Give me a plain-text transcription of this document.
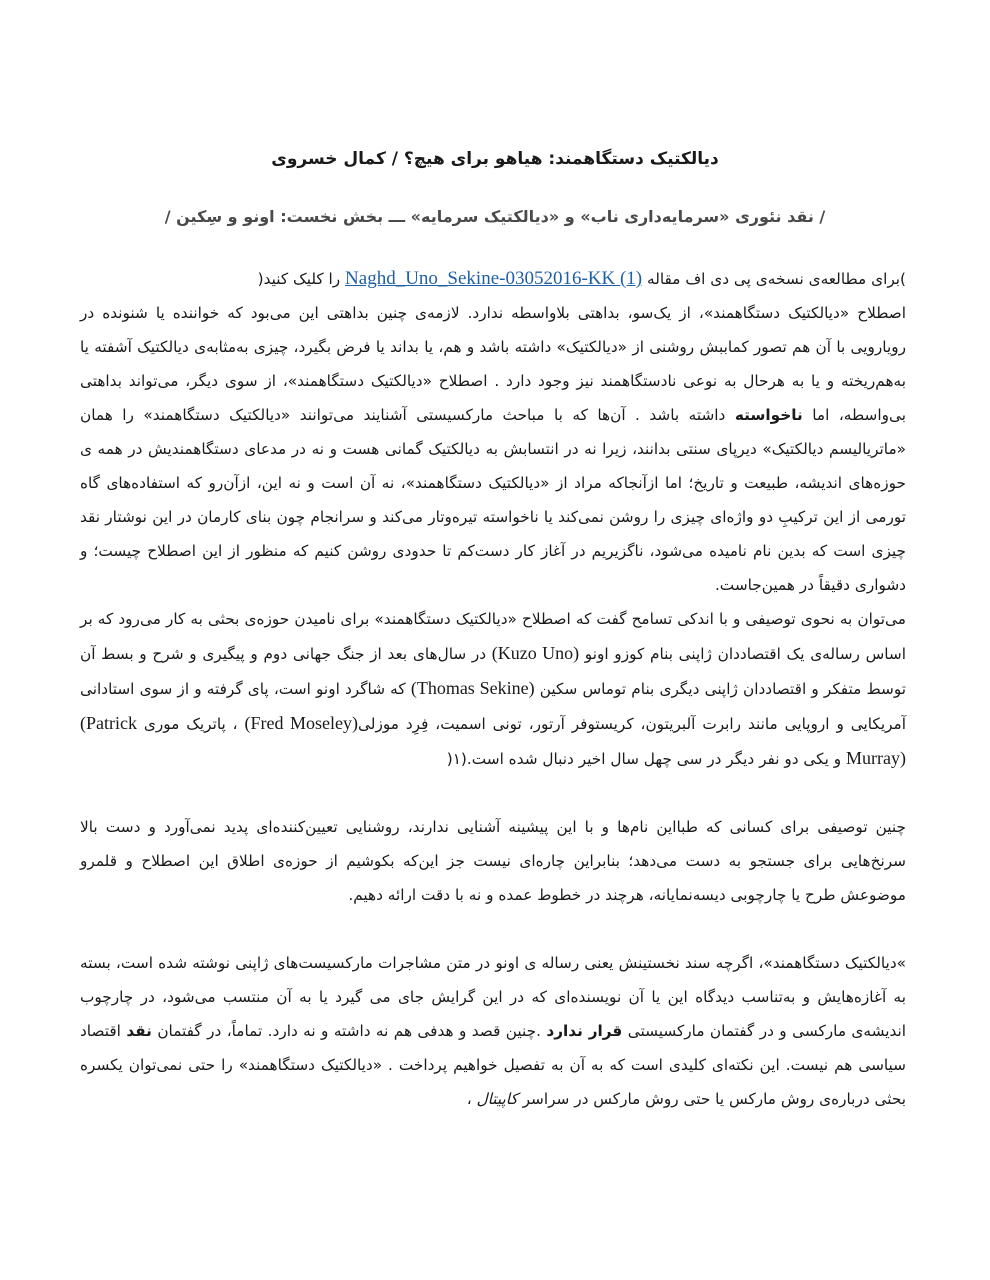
دیالکتیک دستگاهمند: هیاهو برای هیچ؟ / کمال خسروی
/ نقد نئوری «سرمایه‌داری ناب» و «دیالکتیک سرمایه» ـــ بخش نخست: اونو و سِکین /

)برای مطالعه‌ی نسخه‌ی پی دی اف مقاله Naghd_Uno_Sekine-03052016-KK (1) را کلیک کنید(

اصطلاح «دیالکتیک دستگاهمند»، از یک‌سو، بداهتی بلاواسطه ندارد. لازمه‌ی چنین بداهتی این می‌بود که خواننده یا شنونده در رویارویی با آن هم تصور کماببش روشنی از «دیالکتیک» داشته باشد و هم، یا بداند یا فرض بگیرد، چیزی به‌مثابه‌ی دیالکتیک آشفته یا به‌هم‌ریخته و یا به هرحال به نوعی نادستگاهمند نیز وجود دارد . اصطلاح «دیالکتیک دستگاهمند»، از سوی دیگر، می‌تواند بداهتی بی‌واسطه، اما ناخواسته داشته باشد . آن‌ها که با مباحث مارکسیستی آشنایند می‌توانند «دیالکتیک دستگاهمند» را همان «ماتریالیسم دیالکتیک» دیرپای سنتی بدانند، زیرا نه در انتسابش به دیالکتیک گمانی هست و نه در مدعای دستگاهمندیش در همه‌ ی حوزه‌های اندیشه، طبیعت و تاریخ؛ اما ازآنجاکه مراد از «دیالکتیک دستگاهمند»، نه آن است و نه این، ازآن‌رو که استفاده‌های گاه تورمی از این ترکیبِ دو واژه‌ای چیزی را روشن نمی‌کند یا ناخواسته تیره‌وتار می‌کند و سرانجام چون بنای کارمان در این نوشتار نقد چیزی است که بدین نام نامیده می‌شود، ناگزیریم در آغاز کار دست‌کم تا حدودی روشن کنیم که منظور از این اصطلاح چیست؛ و دشواری دقیقاً در همین‌جاست.

می‌توان به نحوی توصیفی و با اندکی تسامح گفت که اصطلاح «دیالکتیک دستگاهمند» برای نامیدن حوزه‌ی بحثی به کار می‌رود که بر اساس رساله‌ی یک اقتصاددان ژاپنی بنام کوزو اونو (Kuzo Uno) در سال‌های بعد از جنگ جهانی دوم و پیگیری و شرح و بسط آن توسط متفکر و اقتصاددان ژاپنی دیگری بنام توماس سکین (Thomas Sekine) که شاگرد اونو است، پای گرفته و از سوی استادانی آمریکایی و اروپایی مانند رابرت آلبریتون، کریستوفر آرتور، تونی اسمیت، فِرِد موزلی(Fred Moseley) ، پاتریک موری (Patrick Murray) و یکی دو نفر دیگر در سی چهل سال اخیر دنبال شده است.(۱(

چنین توصیفی برای کسانی که طبااین نام‌ها و با این پیشینه آشنایی ندارند، روشنایی تعیین‌کننده‌ای پدید نمی‌آورد و دست بالا سرنخ‌هایی برای جستجو به دست می‌دهد؛ بنابراین چاره‌ای نیست جز این‌که بکوشیم از حوزه‌ی اطلاق این اصطلاح و قلمرو موضوعش طرح یا چارچوبی دیسه‌نمایانه، هرچند در خطوط عمده و نه با دقت ارائه دهیم.

»دیالکتیک دستگاهمند»، اگرچه سند نخستینش یعنی رساله‌ ی اونو در متن مشاجرات مارکسیست‌های ژاپنی نوشته شده است، بسته به آغازه‌هایش و به‌تناسب دیدگاه این یا آن نویسنده‌ای که در این گرایش جای می‌ گیرد یا به آن منتسب می‌شود، در چارچوب اندیشه‌ی مارکسی و در گفتمان مارکسیستی قرار ندارد .چنین قصد و هدفی هم نه داشته و نه دارد. تماماً، در گفتمان نقد اقتصاد سیاسی هم نیست. این نکته‌ای کلیدی است که به آن به تفصیل خواهیم پرداخت . «دیالکتیک دستگاهمند» را حتی نمی‌توان یکسره بحثی درباره‌ی روش مارکس یا حتی روش مارکس در سراسر کاپیتال ،
